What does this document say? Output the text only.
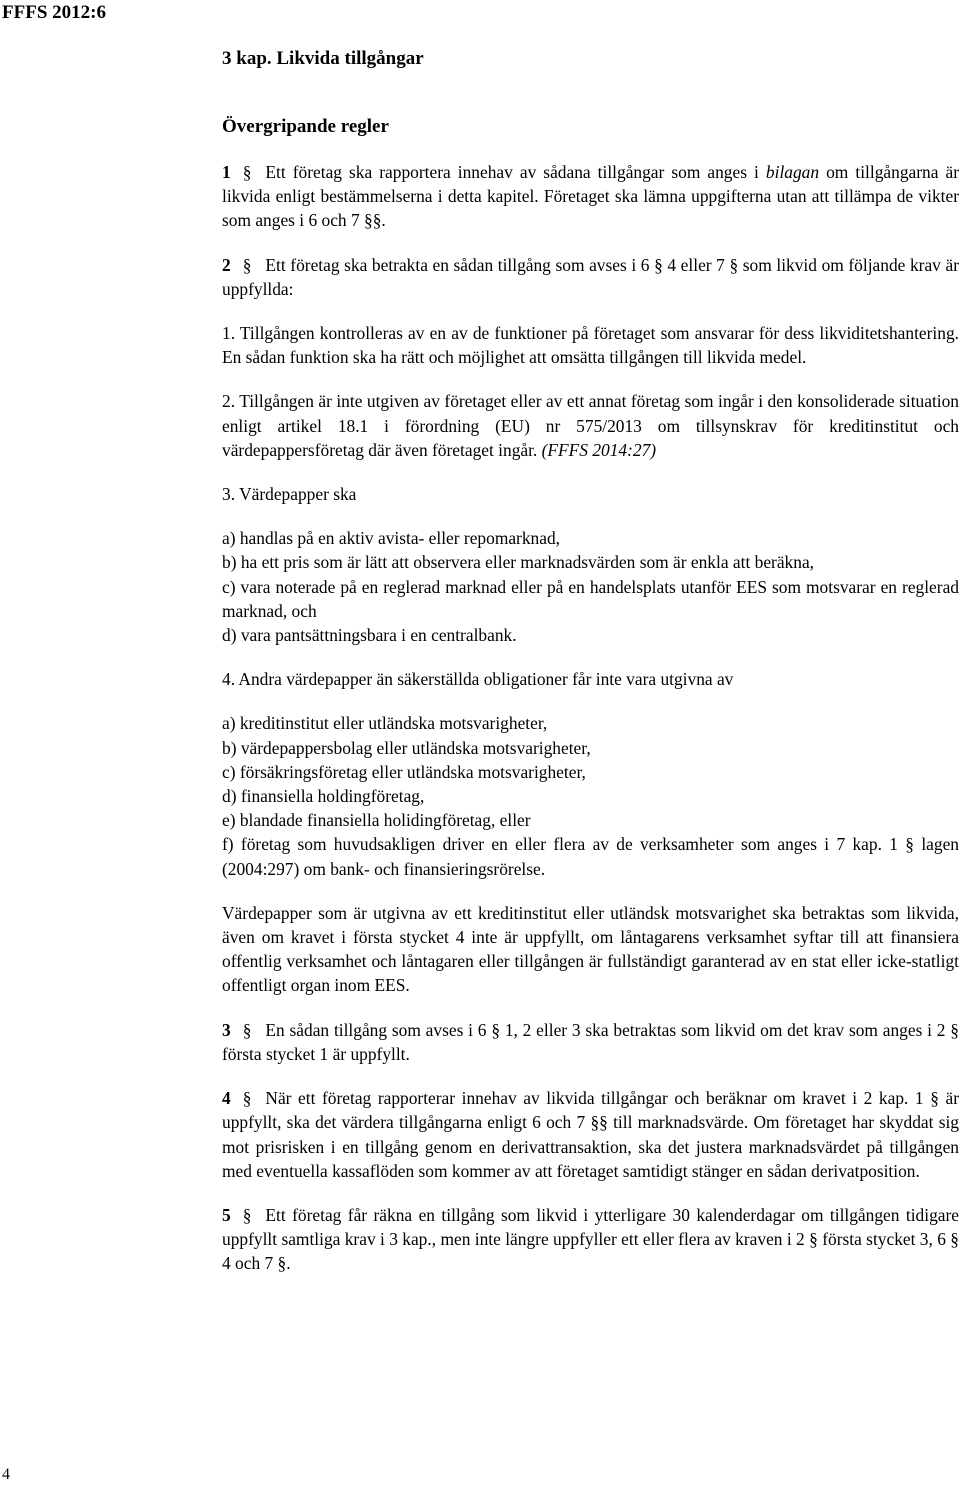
FFFS 2012:6

3 kap. Likvida tillgångar

Övergripande regler

1 § Ett företag ska rapportera innehav av sådana tillgångar som anges i bilagan om tillgångarna är likvida enligt bestämmelserna i detta kapitel. Företaget ska lämna uppgifterna utan att tillämpa de vikter som anges i 6 och 7 §§.

2 § Ett företag ska betrakta en sådan tillgång som avses i 6 § 4 eller 7 § som likvid om följande krav är uppfyllda:

1. Tillgången kontrolleras av en av de funktioner på företaget som ansvarar för dess likviditetshantering. En sådan funktion ska ha rätt och möjlighet att omsätta tillgången till likvida medel.

2. Tillgången är inte utgiven av företaget eller av ett annat företag som ingår i den konsoliderade situation enligt artikel 18.1 i förordning (EU) nr 575/2013 om tillsynskrav för kreditinstitut och värdepappersföretag där även företaget ingår. (FFFS 2014:27)

3. Värdepapper ska

a) handlas på en aktiv avista- eller repomarknad,

b) ha ett pris som är lätt att observera eller marknadsvärden som är enkla att beräkna,

c) vara noterade på en reglerad marknad eller på en handelsplats utanför EES som motsvarar en reglerad marknad, och

d) vara pantsättningsbara i en centralbank.

4. Andra värdepapper än säkerställda obligationer får inte vara utgivna av

a) kreditinstitut eller utländska motsvarigheter,

b) värdepappersbolag eller utländska motsvarigheter,

c) försäkringsföretag eller utländska motsvarigheter,

d) finansiella holdingföretag,

e) blandade finansiella holidingföretag, eller

f) företag som huvudsakligen driver en eller flera av de verksamheter som anges i 7 kap. 1 § lagen (2004:297) om bank- och finansieringsrörelse.

Värdepapper som är utgivna av ett kreditinstitut eller utländsk motsvarighet ska betraktas som likvida, även om kravet i första stycket 4 inte är uppfyllt, om låntagarens verksamhet syftar till att finansiera offentlig verksamhet och låntagaren eller tillgången är fullständigt garanterad av en stat eller icke-statligt offentligt organ inom EES.

3 § En sådan tillgång som avses i 6 § 1, 2 eller 3 ska betraktas som likvid om det krav som anges i 2 § första stycket 1 är uppfyllt.

4 § När ett företag rapporterar innehav av likvida tillgångar och beräknar om kravet i 2 kap. 1 § är uppfyllt, ska det värdera tillgångarna enligt 6 och 7 §§ till marknadsvärde. Om företaget har skyddat sig mot prisrisken i en tillgång genom en derivattransaktion, ska det justera marknadsvärdet på tillgången med eventuella kassaflöden som kommer av att företaget samtidigt stänger en sådan derivatposition.

5 § Ett företag får räkna en tillgång som likvid i ytterligare 30 kalenderdagar om tillgången tidigare uppfyllt samtliga krav i 3 kap., men inte längre uppfyller ett eller flera av kraven i 2 § första stycket 3, 6 § 4 och 7 §.

4
